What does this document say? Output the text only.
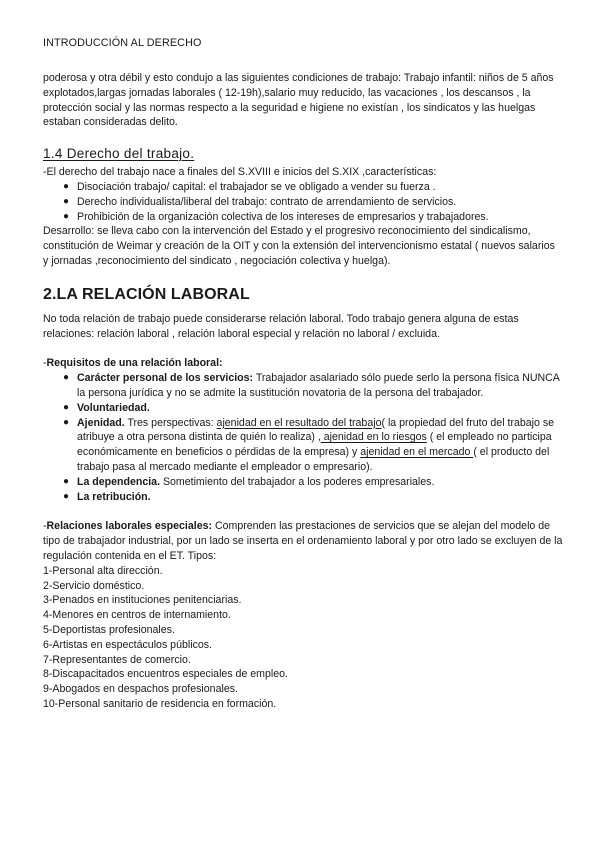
INTRODUCCIÓN AL DERECHO

poderosa y otra débil y esto condujo a las siguientes condiciones de trabajo: Trabajo infantil: niños de 5 años explotados,largas jornadas laborales ( 12-19h),salario muy reducido, las vacaciones , los descansos , la protección social y las normas respecto a la seguridad e higiene no existían , los sindicatos y las huelgas estaban consideradas delito.

1.4 Derecho del trabajo.

-El derecho del trabajo nace a finales del S.XVIII e inicios del S.XIX ,características:

● Disociación trabajo/ capital: el trabajador se ve obligado a vender su fuerza .
● Derecho individualista/liberal del trabajo: contrato de arrendamiento de servicios.
● Prohibición de la organización colectiva de los intereses de empresarios y trabajadores.

Desarrollo: se lleva cabo con la intervención del Estado y el progresivo reconocimiento del sindicalismo, constitución de Weimar y creación de la OIT y con la extensión del intervencionismo estatal ( nuevos salarios y jornadas ,reconocimiento del sindicato , negociación colectiva y huelga).

2.LA RELACIÓN LABORAL

No toda relación de trabajo puede considerarse relación laboral. Todo trabajo genera alguna de estas relaciones: relación laboral , relación laboral especial y relación no laboral / excluida.

-Requisitos de una relación laboral:

● Carácter personal de los servicios: Trabajador asalariado sólo puede serlo la persona física NUNCA la persona jurídica y no se admite la sustitución novatoria de la persona del trabajador.
● Voluntariedad.
● Ajenidad. Tres perspectivas: ajenidad en el resultado del trabajo( la propiedad del fruto del trabajo se atribuye a otra persona distinta de quién lo realiza) , ajenidad en lo riesgos ( el empleado no participa económicamente en beneficios o pérdidas de la empresa) y ajenidad en el mercado ( el producto del trabajo pasa al mercado mediante el empleador o empresario).
● La dependencia. Sometimiento del trabajador a los poderes empresariales.
● La retribución.

-Relaciones laborales especiales: Comprenden las prestaciones de servicios que se alejan del modelo de tipo de trabajador industrial, por un lado se inserta en el ordenamiento laboral y por otro lado se excluyen de la regulación contenida en el ET. Tipos:

1-Personal alta dirección.

2-Servicio doméstico.

3-Penados en instituciones penitenciarias.

4-Menores en centros de internamiento.

5-Deportistas profesionales.

6-Artistas en espectáculos públicos.

7-Representantes de comercio.

8-Discapacitados encuentros especiales de empleo.

9-Abogados en despachos profesionales.

10-Personal sanitario de residencia en formación.
